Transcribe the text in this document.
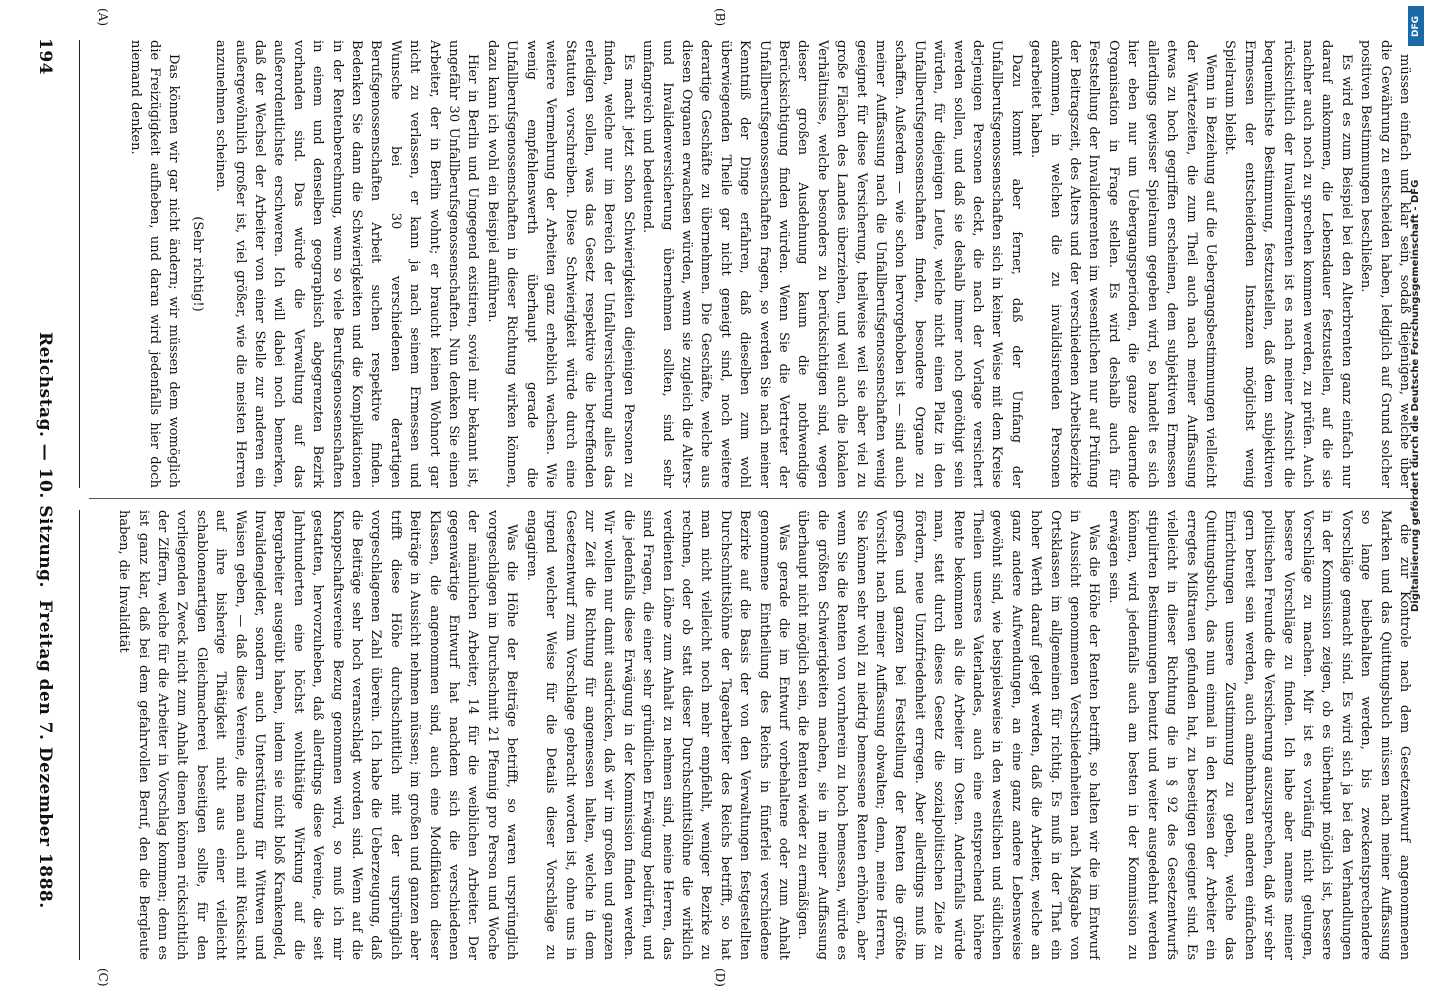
müssen einfach und klar sein, sodaß diejenigen, welche über die Gewährung zu entscheiden haben, lediglich auf Grund solcher positiven Bestimmungen beschließen.

Es wird es zum Beispiel bei den Alterbrenten ganz einfach nur darauf ankommen, die Lebensdauer festzustellen, auf die sie nachher auch noch zu sprechen kommen werden, zu prüfen. Auch rücksichtlich der Invalidenrenten ist es nach meiner Ansicht die bequemlichste Bestimmung, festzustellen, daß dem subjektiven Ermessen der entscheidenden Instanzen möglichst wenig Spielraum bleibt.

Wenn in Beziehung auf die Uebergangsbestimmungen vielleicht der Wartezeiten, die zum Theil auch nach meiner Auffassung etwas zu hoch gegriffen erscheinen, dem subjektiven Ermessen allerdings gewisser Spielraum gegeben wird, so handelt es sich hier eben nur um Uebergangsperioden, die ganze dauernde Organisation in Frage stellen. Es wird deshalb auch für Feststellung der Invalidenrenten im wesentlichen nur auf Prüfung der Beitragszeit, des Alters und der verschiedenen Arbeitsbezirke ankommen, in welchen die zu invalidisirenden Personen gearbeitet haben.

Dazu kommt aber ferner, daß der Umfang der Unfallberufsgenossenschaften sich in keiner Weise mit dem Kreise derjenigen Personen deckt, die nach der Vorlage versichert werden sollen, und daß sie deshalb immer noch genöthigt sein würden, für diejenigen Leute, welche nicht einen Platz in den Unfallberufsgenossenschaften finden, besondere Organe zu schaffen. Außerdem — wie schon hervorgehoben ist — sind auch meiner Auffassung nach die Unfallberufsgenossenschaften wenig geeignet für diese Versicherung, theilweise weil sie aber viel zu große Flächen des Landes überziehen, und weil auch die lokalen Verhältnisse, welche besonders zu berücksichtigen sind, wegen dieser großen Ausdehnung kaum die nothwendige Berücksichtigung finden würden. Wenn Sie die Vertreter der Unfallberufsgenossenschaften fragen, so werden Sie nach meiner Kenntniß der Dinge erfahren, daß dieselben zum wohl überwiegenden Theile gar nicht geneigt sind, noch weitere derartige Geschäfte zu übernehmen. Die Geschäfte, welche aus diesen Organen erwachsen würden, wenn sie zugleich die Alters- und Invalidenversicherung übernehmen sollten, sind sehr umfangreich und bedeutend.

Es macht jetzt schon Schwierigkeiten diejenigen Personen zu finden, welche nur im Bereich der Unfallversicherung alles das erledigen sollen, was das Gesetz respektive die betreffenden Statuten vorschreiben. Diese Schwierigkeit würde durch eine weitere Vermehrung der Arbeiten ganz erheblich wachsen. Wie wenig empfehlenswerth überhaupt gerade die Unfallberufsgenossenschaften in dieser Richtung wirken können, dazu kann ich wohl ein Beispiel anführen.

Hier in Berlin und Umgegend existiren, soviel mir bekannt ist, ungefähr 30 Unfallberufsgenossenschaften. Nun denken Sie einen Arbeiter, der in Berlin wohnt; er braucht keinen Wohnort gar nicht zu verlassen, er kann ja nach seinem Ermessen und Wunsche bei 30 verschiedenen derartigen Berufsgenossenschaften Arbeit suchen respektive finden. Bedenken Sie dann die Schwierigkeiten und die Komplikationen in der Rentenberechnung, wenn so viele Berufsgenossenschaften in einem und denselben geographisch abgegrenzten Bezirk vorhanden sind. Das würde die Verwaltung auf das außerordentlichste erschweren. Ich will dabei noch bemerken, daß der Wechsel der Arbeiter von einer Stelle zur anderen ein außergewöhnlich großer ist, viel größer, wie die meisten Herren anzunehmen scheinen.

(Sehr richtig!)

Das können wir gar nicht ändern; wir müssen dem womöglich die Freizügigkeit aufheben, und daran wird jedenfalls hier doch niemand denken.

die zur Kontrole nach dem Gesetzentwurf angenommenen Marken und das Quittungsbuch müssen nach meiner Auffassung so lange beibehalten werden, bis zweckentsprechendere Vorschläge gemacht sind. Es wird sich ja bei den Verhandlungen in der Kommission zeigen, ob es überhaupt möglich ist, bessere Vorschläge zu machen. Mir ist es vorläufig nicht gelungen, bessere Vorschläge zu finden. Ich habe aber namens meiner politischen Freunde die Versicherung auszusprechen, daß wir sehr gern bereit sein werden, auch annehmbaren anderen einfachen Einrichtungen unsere Zustimmung zu geben, welche das Quittungsbuch, das nun einmal in den Kreisen der Arbeiter ein erregtes Mißtrauen gefunden hat, zu beseitigen geeignet sind. Es vielleicht in dieser Richtung die in § 92 des Gesetzentwurfs stipulirten Bestimmungen benutzt und weiter ausgedehnt werden können, wird jedenfalls auch am besten in der Kommission zu erwägen sein.

Was die Höhe der Renten betrifft, so halten wir die im Entwurf in Aussicht genommenen Verschiedenheiten nach Maßgabe von Ortsklassen im allgemeinen für richtig. Es muß in der That ein hoher Werth darauf gelegt werden, daß die Arbeiter, welche an ganz andere Aufwendungen, an eine ganz andere Lebensweise gewöhnt sind, wie beispielsweise in den westlichen und südlichen Theilen unseres Vaterlandes, auch eine entsprechend höhere Rente bekommen als die Arbeiter im Osten. Andernfalls würde man, statt durch dieses Gesetz die sozialpolitischen Ziele zu fördern, neue Unzufriedenheit erregen. Aber allerdings muß im großen und ganzen bei Feststellung der Renten die größte Vorsicht nach meiner Auffassung obwalten; denn, meine Herren, Sie können sehr wohl zu niedrig bemessene Renten erhöhen, aber wenn Sie die Renten von vornherein zu hoch bemessen, würde es die größten Schwierigkeiten machen, sie in meiner Auffassung überhaupt nicht möglich sein, die Renten wieder zu ermäßigen.

Was gerade die im Entwurf vorbehaltene oder zum Anhalt genommene Eintheilung des Reichs in fünferlei verschiedene Bezirke auf die Basis der von den Verwaltungen festgestellten Durchschnittslöhne der Tagearbeiter des Reichs betrifft, so hat man nicht vielleicht noch mehr empfiehlt, weniger Bezirke zu rechnen, oder ob statt dieser Durchschnittslöhne die wirklich verdienten Löhne zum Anhalt zu nehmen sind, meine Herren, das sind Fragen, die einer sehr gründlichen Erwägung bedürfen, und die jedenfalls diese Erwägung in der Kommission finden werden. Wir wollen nur damit ausdrücken, daß wir im großen und ganzen zur Zeit die Richtung für angemessen halten, welche in dem Gesetzentwurf zum Vorschlage gebracht worden ist, ohne uns in irgend welcher Weise für die Details dieser Vorschläge zu engagiren.

Was die Höhe der Beiträge betrifft, so waren ursprünglich vorgeschlagen im Durchschnitt 21 Pfennig pro Person und Woche der männlichen Arbeiter, 14 für die weiblichen Arbeiter. Der gegenwärtige Entwurf hat nachdem sich die verschiedenen Klassen, die angenommen sind, auch eine Modifikation dieser Beiträge in Aussicht nehmen müssen; im großen und ganzen aber trifft diese Höhe durchschnittlich mit der ursprünglich vorgeschlagenen Zahl überein. Ich habe die Ueberzeugung, daß die Beiträge sehr hoch veranschlagt worden sind. Wenn auf die Knappschaftsvereine Bezug genommen wird, so muß ich mir gestatten, hervorzuheben, daß allerdings diese Vereine, die seit Jahrhunderten eine höchst wohlthätige Wirkung auf die Bergarbeiter ausgeübt haben, indem sie nicht bloß Krankengeld, Invalidengelder, sondern auch Unterstützung für Wittwen und Waisen geben, — daß diese Vereine, die man auch mit Rücksicht auf ihre bisherige Thätigkeit nicht aus einer vielleicht schablonenartigen Gleichmacherei beseitigen sollte, für den vorliegenden Zweck nicht zum Anhalt dienen können rücksichtlich der Ziffern, welche für die Arbeiter in Vorschlag kommen; denn es ist ganz klar, daß bei dem gefahrvollen Beruf, den die Bergleute haben, die Invalidität

194
Reichstag. — 10. Sitzung.
Freitag den 7. Dezember 1888.
(A)	(B)
(C)	(D)
DFG
Digitalisierung gefördert durch die Deutsche Forschungsgemeinschaft - DFG
